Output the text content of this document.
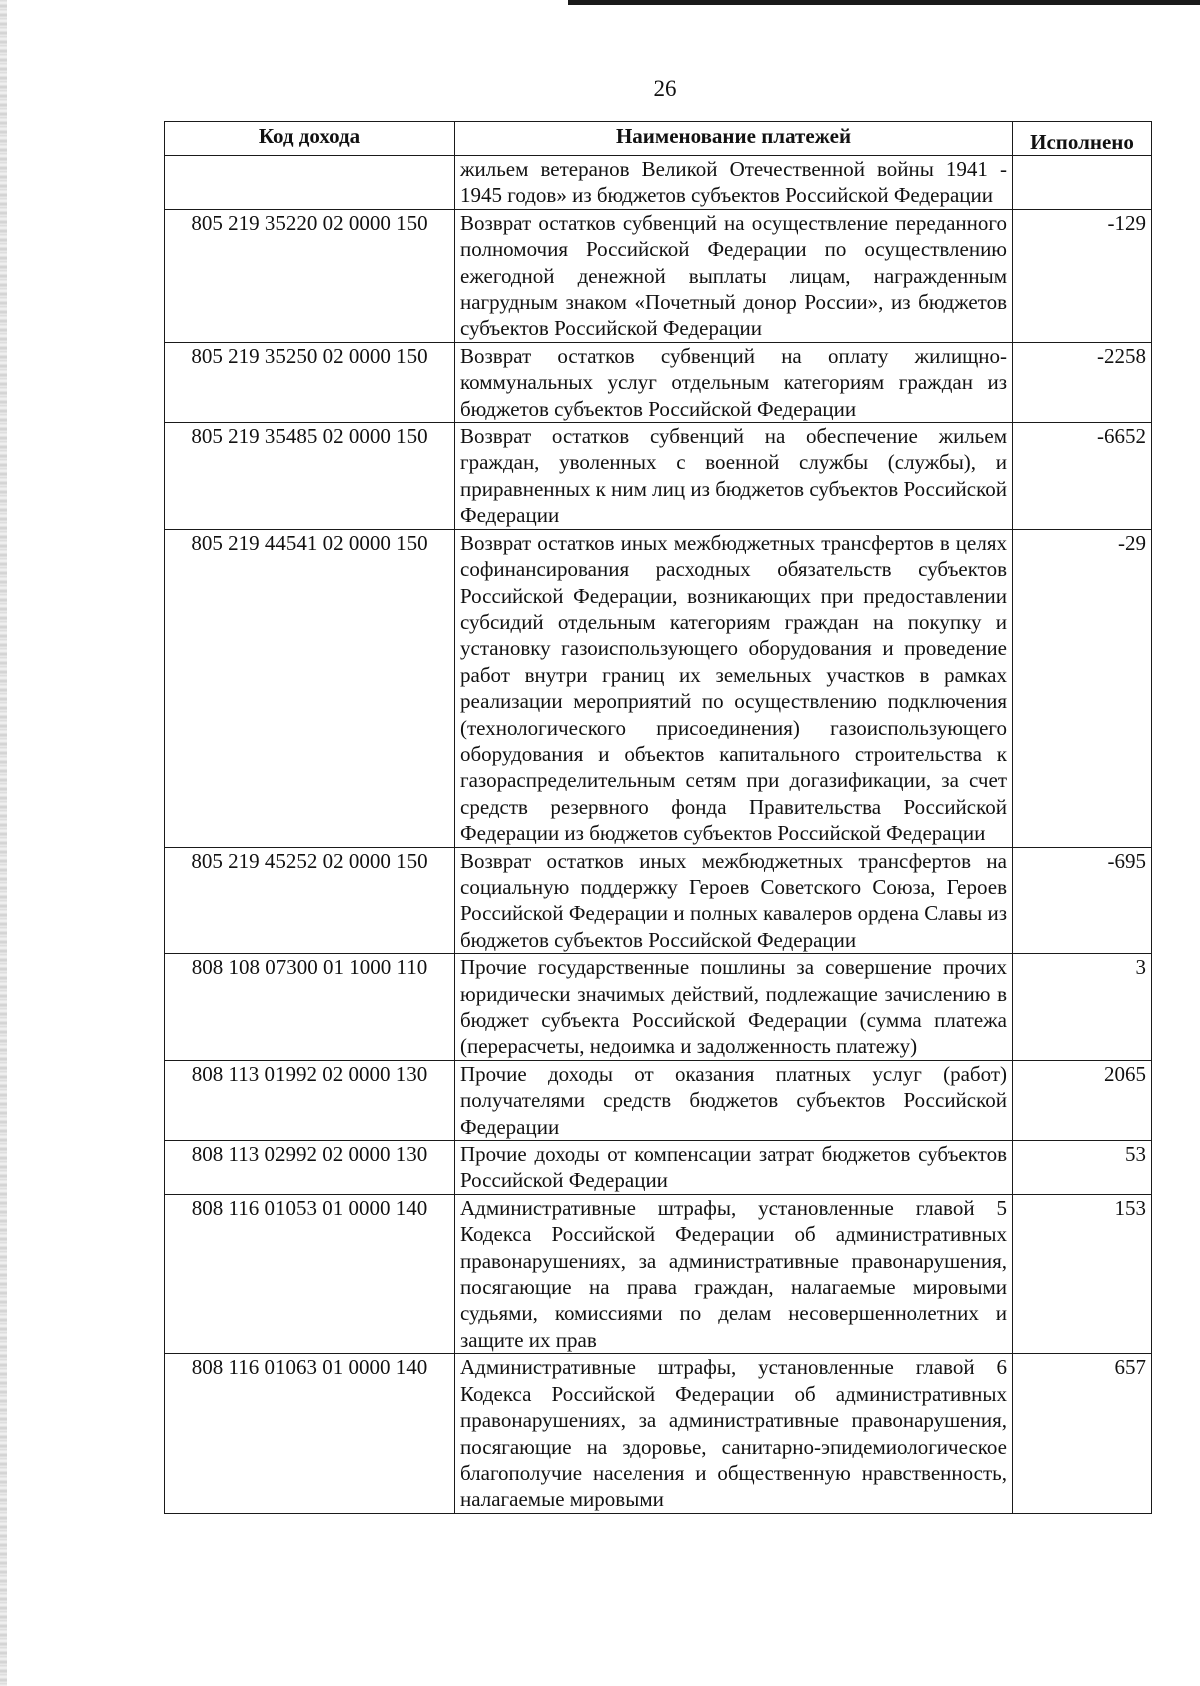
26
Код дохода	Наименование платежей	Исполнено
	жильем ветеранов Великой Отечественной войны 1941 - 1945 годов» из бюджетов субъектов Российской Федерации	
805 219 35220 02 0000 150	Возврат остатков субвенций на осуществление переданного полномочия Российской Федерации по осуществлению ежегодной денежной выплаты лицам, награжденным нагрудным знаком «Почетный донор России», из бюджетов субъектов Российской Федерации	-129
805 219 35250 02 0000 150	Возврат остатков субвенций на оплату жилищно-коммунальных услуг отдельным категориям граждан из бюджетов субъектов Российской Федерации	-2258
805 219 35485 02 0000 150	Возврат остатков субвенций на обеспечение жильем граждан, уволенных с военной службы (службы), и приравненных к ним лиц из бюджетов субъектов Российской Федерации	-6652
805 219 44541 02 0000 150	Возврат остатков иных межбюджетных трансфертов в целях софинансирования расходных обязательств субъектов Российской Федерации, возникающих при предоставлении субсидий отдельным категориям граждан на покупку и установку газоиспользующего оборудования и проведение работ внутри границ их земельных участков в рамках реализации мероприятий по осуществлению подключения (технологического присоединения) газоиспользующего оборудования и объектов капитального строительства к газораспределительным сетям при догазификации, за счет средств резервного фонда Правительства Российской Федерации из бюджетов субъектов Российской Федерации	-29
805 219 45252 02 0000 150	Возврат остатков иных межбюджетных трансфертов на социальную поддержку Героев Советского Союза, Героев Российской Федерации и полных кавалеров ордена Славы из бюджетов субъектов Российской Федерации	-695
808 108 07300 01 1000 110	Прочие государственные пошлины за совершение прочих юридически значимых действий, подлежащие зачислению в бюджет субъекта Российской Федерации (сумма платежа (перерасчеты, недоимка и задолженность платежу)	3
808 113 01992 02 0000 130	Прочие доходы от оказания платных услуг (работ) получателями средств бюджетов субъектов Российской Федерации	2065
808 113 02992 02 0000 130	Прочие доходы от компенсации затрат бюджетов субъектов Российской Федерации	53
808 116 01053 01 0000 140	Административные штрафы, установленные главой 5 Кодекса Российской Федерации об административных правонарушениях, за административные правонарушения, посягающие на права граждан, налагаемые мировыми судьями, комиссиями по делам несовершеннолетних и защите их прав	153
808 116 01063 01 0000 140	Административные штрафы, установленные главой 6 Кодекса Российской Федерации об административных правонарушениях, за административные правонарушения, посягающие на здоровье, санитарно-эпидемиологическое благополучие населения и общественную нравственность, налагаемые мировыми	657
